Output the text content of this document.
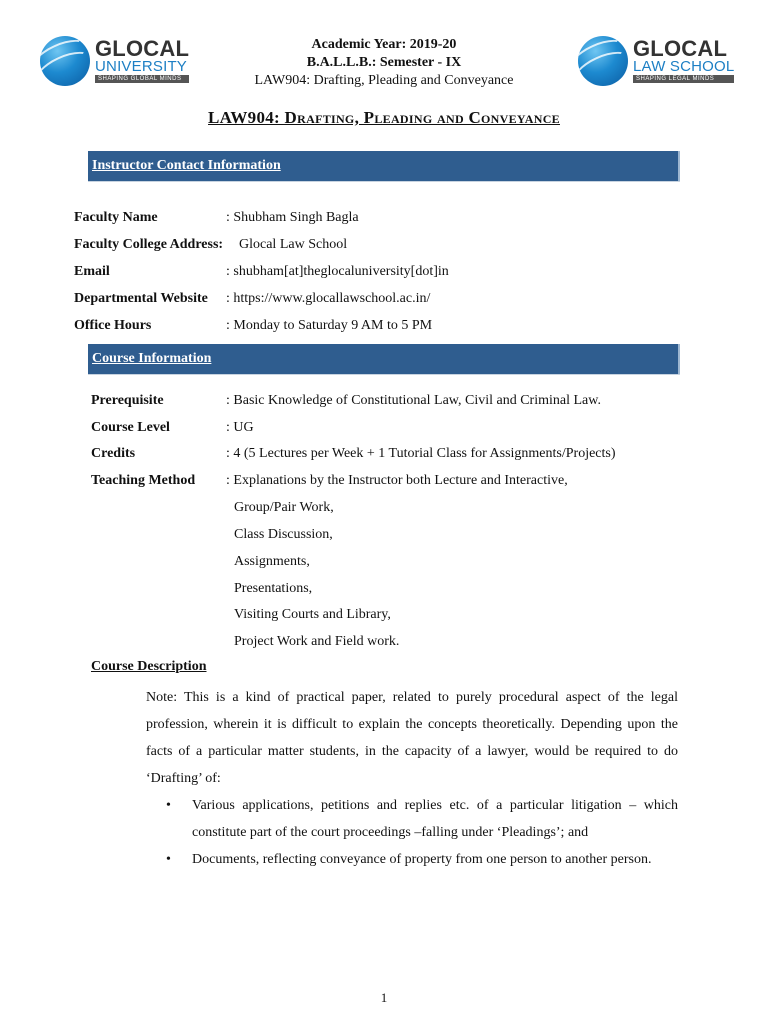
GLOCAL
UNIVERSITY
SHAPING GLOBAL MINDS
Academic Year: 2019-20
B.A.L.L.B.: Semester - IX
LAW904: Drafting, Pleading and Conveyance
GLOCAL
LAW SCHOOL
SHAPING LEGAL MINDS
LAW904: Drafting, Pleading and Conveyance
Instructor Contact Information
Faculty Name	: Shubham Singh Bagla
Faculty College Address: Glocal Law School
Email	: shubham[at]theglocaluniversity[dot]in
Departmental Website : https://www.glocallawschool.ac.in/
Office Hours	: Monday to Saturday 9 AM to 5 PM
Course Information
Prerequisite	: Basic Knowledge of Constitutional Law, Civil and Criminal Law.
Course Level	: UG
Credits	: 4 (5 Lectures per Week + 1 Tutorial Class for Assignments/Projects)
Teaching Method : Explanations by the Instructor both Lecture and Interactive,
Group/Pair Work,
Class Discussion,
Assignments,
Presentations,
Visiting Courts and Library,
Project Work and Field work.
Course Description
Note: This is a kind of practical paper, related to purely procedural aspect of the legal profession, wherein it is difficult to explain the concepts theoretically. Depending upon the facts of a particular matter students, in the capacity of a lawyer, would be required to do ‘Drafting’ of:
• Various applications, petitions and replies etc. of a particular litigation – which constitute part of the court proceedings –falling under ‘Pleadings’; and
• Documents, reflecting conveyance of property from one person to another person.
1
